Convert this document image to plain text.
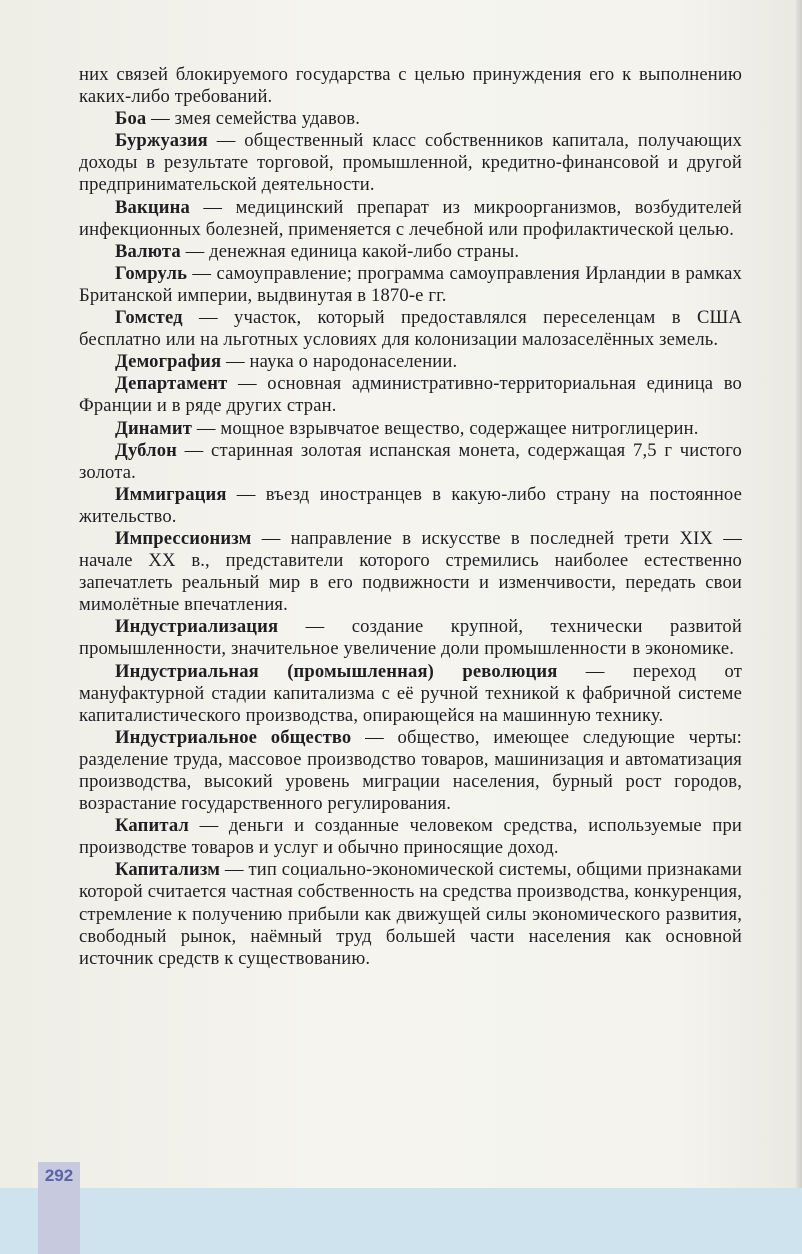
них связей блокируемого государства с целью принуждения его к выполнению каких-либо требований.

Боа — змея семейства удавов.

Буржуазия — общественный класс собственников капитала, получающих доходы в результате торговой, промышленной, кредитно-финансовой и другой предпринимательской деятельности.

Вакцина — медицинский препарат из микроорганизмов, возбудителей инфекционных болезней, применяется с лечебной или профилактической целью.

Валюта — денежная единица какой-либо страны.

Гомруль — самоуправление; программа самоуправления Ирландии в рамках Британской империи, выдвинутая в 1870-е гг.

Гомстед — участок, который предоставлялся переселенцам в США бесплатно или на льготных условиях для колонизации малозаселённых земель.

Демография — наука о народонаселении.

Департамент — основная административно-территориальная единица во Франции и в ряде других стран.

Динамит — мощное взрывчатое вещество, содержащее нитроглицерин.

Дублон — старинная золотая испанская монета, содержащая 7,5 г чистого золота.

Иммиграция — въезд иностранцев в какую-либо страну на постоянное жительство.

Импрессионизм — направление в искусстве в последней трети XIX — начале XX в., представители которого стремились наиболее естественно запечатлеть реальный мир в его подвижности и изменчивости, передать свои мимолётные впечатления.

Индустриализация — создание крупной, технически развитой промышленности, значительное увеличение доли промышленности в экономике.

Индустриальная (промышленная) революция — переход от мануфактурной стадии капитализма с её ручной техникой к фабричной системе капиталистического производства, опирающейся на машинную технику.

Индустриальное общество — общество, имеющее следующие черты: разделение труда, массовое производство товаров, машинизация и автоматизация производства, высокий уровень миграции населения, бурный рост городов, возрастание государственного регулирования.

Капитал — деньги и созданные человеком средства, используемые при производстве товаров и услуг и обычно приносящие доход.

Капитализм — тип социально-экономической системы, общими признаками которой считается частная собственность на средства производства, конкуренция, стремление к получению прибыли как движущей силы экономического развития, свободный рынок, наёмный труд большей части населения как основной источник средств к существованию.

292
